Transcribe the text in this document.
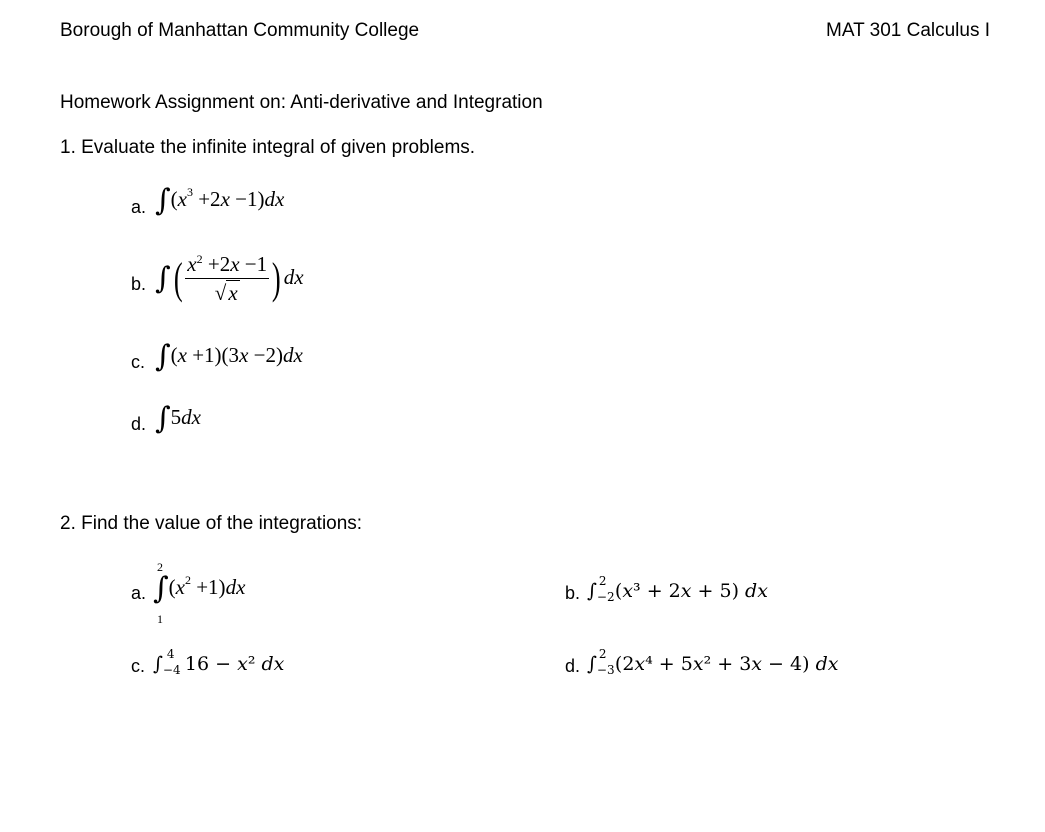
Borough of Manhattan Community College	MAT 301 Calculus I
Homework Assignment on: Anti-derivative and Integration
1. Evaluate the infinite integral of given problems.
a. $\int(x^3 +2x -1)dx$
b. ∫( $\frac{x^2 +2x -1}{√x}$ ) dx
c. ∫(x +1)(3x −2)dx
d. ∫5dx
2. Find the value of the integrations:
a.
2
1
$\int(x^2 +1)dx$	b. ∫ 2
−2 (x³ + 2x + 5) dx
c. ∫ 4
−4 16 − x² dx	d. ∫ 2
−3 (2x⁴ + 5x² + 3x − 4) dx
